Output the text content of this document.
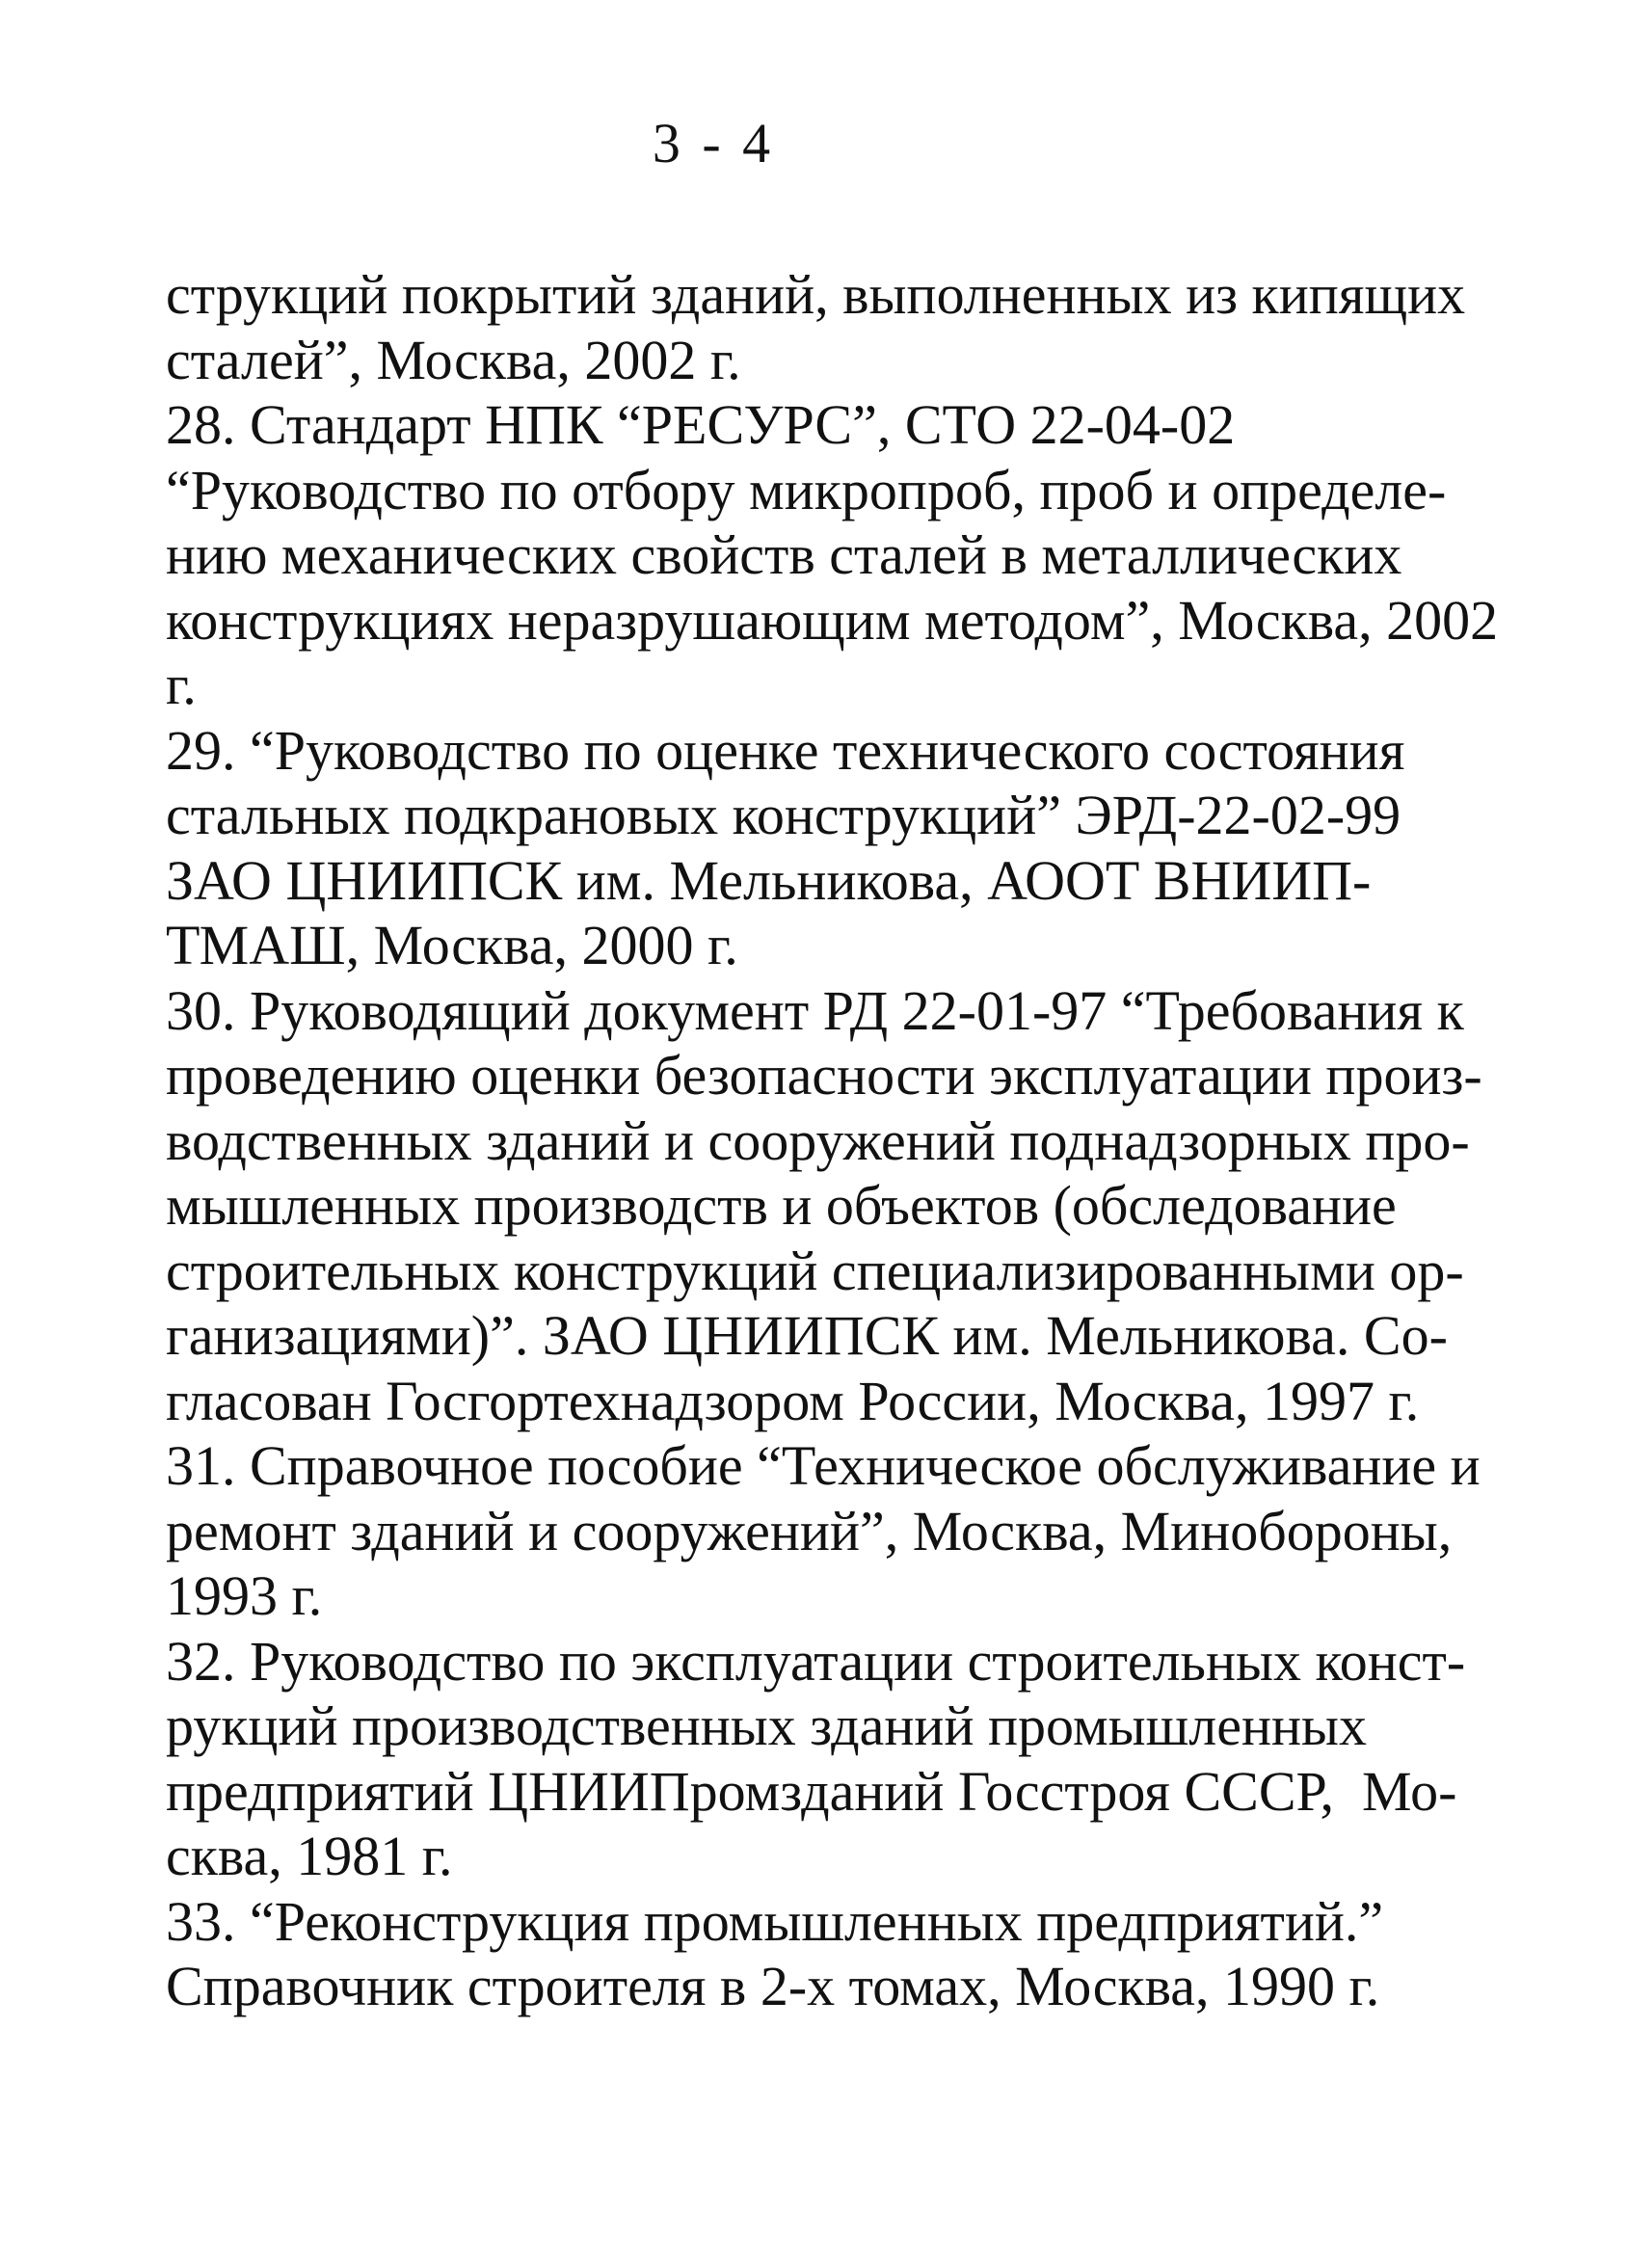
3 - 4
струкций покрытий зданий, выполненных из кипящих
сталей”, Москва, 2002 г.
28. Стандарт НПК “РЕСУРС”, СТО 22-04-02
“Руководство по отбору микропроб, проб и определе-
нию механических свойств сталей в металлических
конструкциях неразрушающим методом”, Москва, 2002
г.
29. “Руководство по оценке технического состояния
стальных подкрановых конструкций” ЭРД-22-02-99
ЗАО ЦНИИПСК им. Мельникова, АООТ ВНИИП-
ТМАШ, Москва, 2000 г.
30. Руководящий документ РД 22-01-97 “Требования к
проведению оценки безопасности эксплуатации произ-
водственных зданий и сооружений поднадзорных про-
мышленных производств и объектов (обследование
строительных конструкций специализированными ор-
ганизациями)”. ЗАО ЦНИИПСК им. Мельникова. Со-
гласован Госгортехнадзором России, Москва, 1997 г.
31. Справочное пособие “Техническое обслуживание и
ремонт зданий и сооружений”, Москва, Минобороны,
1993 г.
32. Руководство по эксплуатации строительных конст-
рукций производственных зданий промышленных
предприятий ЦНИИПромзданий Госстроя СССР,  Мо-
сква, 1981 г.
33. “Реконструкция промышленных предприятий.”
Справочник строителя в 2-х томах, Москва, 1990 г.
